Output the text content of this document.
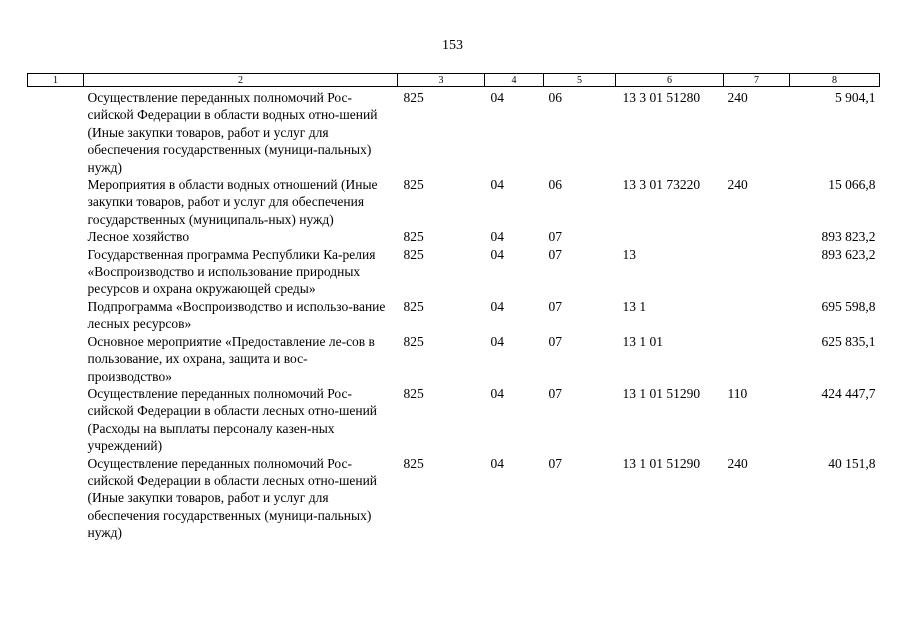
153
1	2	3	4	5	6	7	8
	Осуществление переданных полномочий Рос-сийской Федерации в области водных отно-шений (Иные закупки товаров, работ и услуг для обеспечения государственных (муници-пальных) нужд)	825	04	06	13 3 01 51280	240	5 904,1
	Мероприятия в области водных отношений (Иные закупки товаров, работ и услуг для обеспечения государственных (муниципаль-ных) нужд)	825	04	06	13 3 01 73220	240	15 066,8
	Лесное хозяйство	825	04	07			893 823,2
	Государственная программа Республики Ка-релия «Воспроизводство и использование природных ресурсов и охрана окружающей среды»	825	04	07	13		893 623,2
	Подпрограмма «Воспроизводство и использо-вание лесных ресурсов»	825	04	07	13 1		695 598,8
	Основное мероприятие «Предоставление ле-сов в пользование, их охрана, защита и вос-производство»	825	04	07	13 1 01		625 835,1
	Осуществление переданных полномочий Рос-сийской Федерации в области лесных отно-шений (Расходы на выплаты персоналу казен-ных учреждений)	825	04	07	13 1 01 51290	110	424 447,7
	Осуществление переданных полномочий Рос-сийской Федерации в области лесных отно-шений (Иные закупки товаров, работ и услуг для обеспечения государственных (муници-пальных) нужд)	825	04	07	13 1 01 51290	240	40 151,8
